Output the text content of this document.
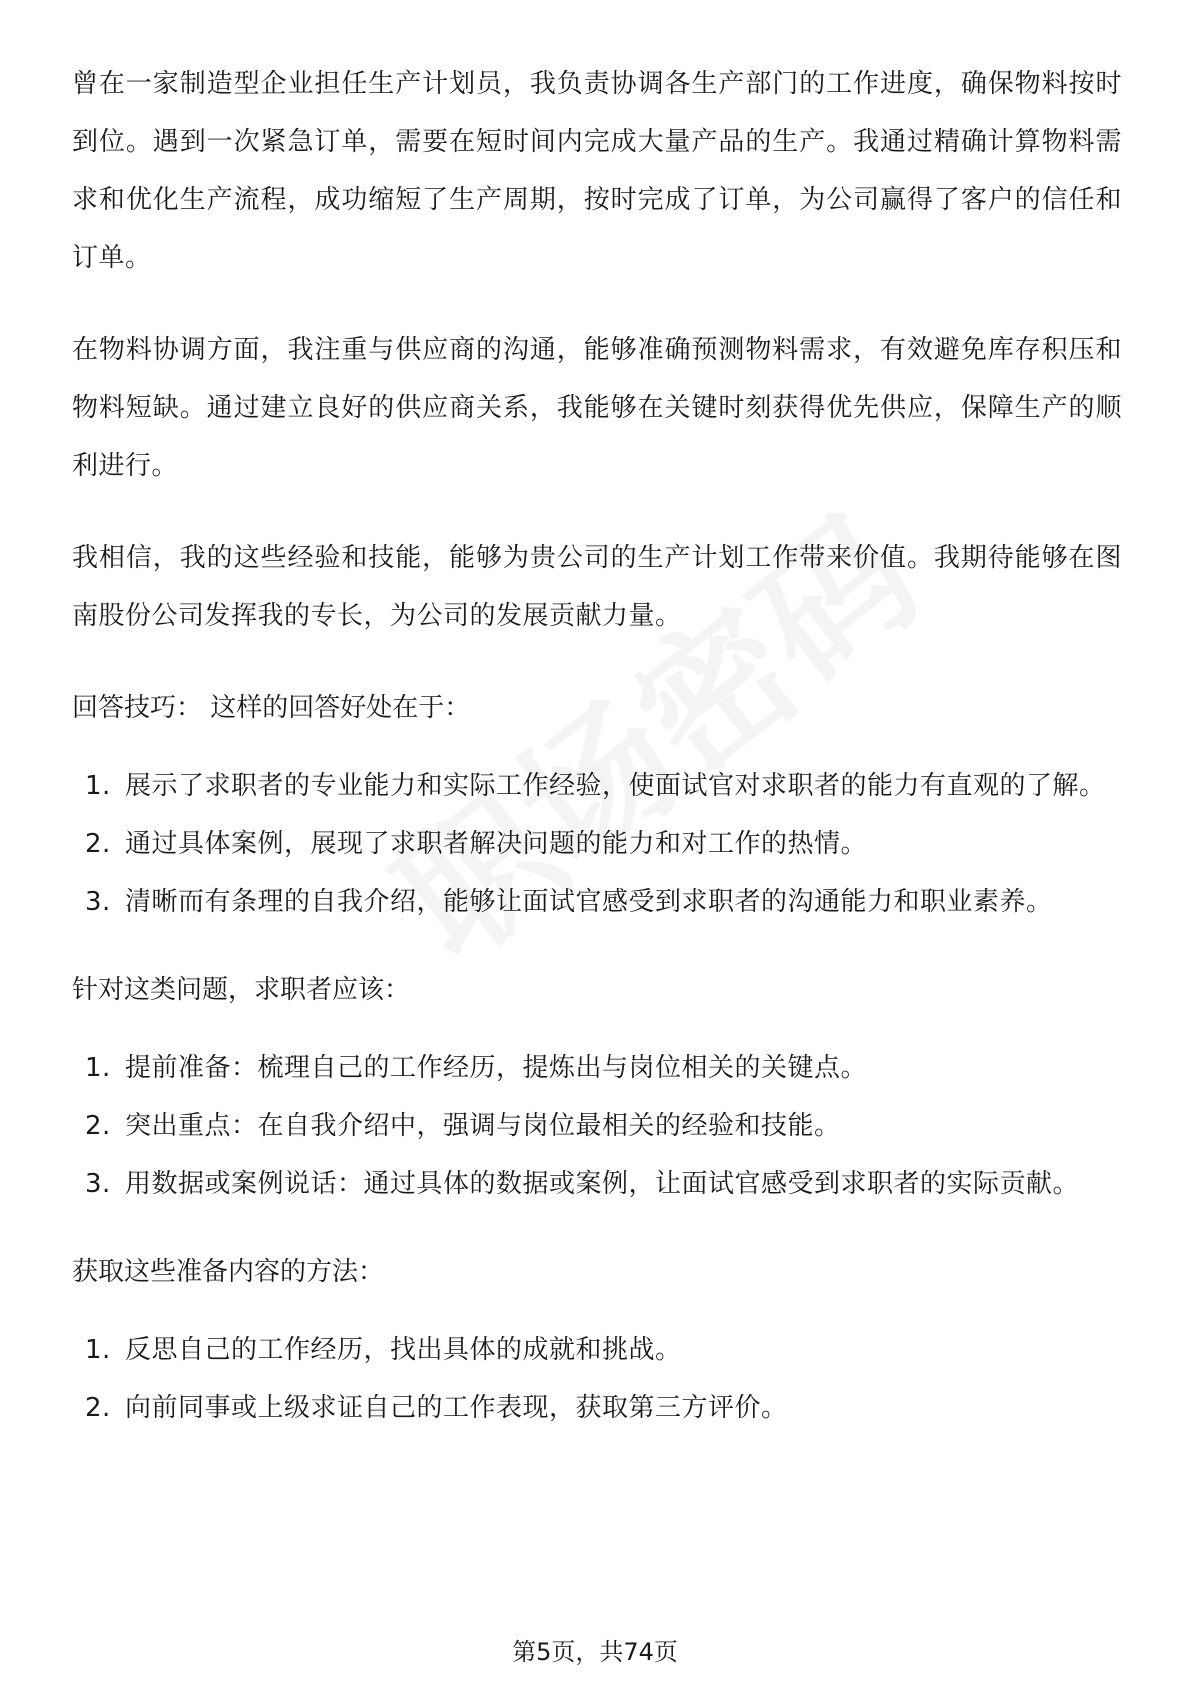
曾在一家制造型企业担任生产计划员，我负责协调各生产部门的工作进度，确保物料按时到位。遇到一次紧急订单，需要在短时间内完成大量产品的生产。我通过精确计算物料需求和优化生产流程，成功缩短了生产周期，按时完成了订单，为公司赢得了客户的信任和订单。

在物料协调方面，我注重与供应商的沟通，能够准确预测物料需求，有效避免库存积压和物料短缺。通过建立良好的供应商关系，我能够在关键时刻获得优先供应，保障生产的顺利进行。

我相信，我的这些经验和技能，能够为贵公司的生产计划工作带来价值。我期待能够在图南股份公司发挥我的专长，为公司的发展贡献力量。

回答技巧： 这样的回答好处在于：

1. 展示了求职者的专业能力和实际工作经验，使面试官对求职者的能力有直观的了解。
2. 通过具体案例，展现了求职者解决问题的能力和对工作的热情。
3. 清晰而有条理的自我介绍，能够让面试官感受到求职者的沟通能力和职业素养。

针对这类问题，求职者应该：

1. 提前准备：梳理自己的工作经历，提炼出与岗位相关的关键点。
2. 突出重点：在自我介绍中，强调与岗位最相关的经验和技能。
3. 用数据或案例说话：通过具体的数据或案例，让面试官感受到求职者的实际贡献。

获取这些准备内容的方法：

1. 反思自己的工作经历，找出具体的成就和挑战。
2. 向前同事或上级求证自己的工作表现，获取第三方评价。
第5页，共74页
